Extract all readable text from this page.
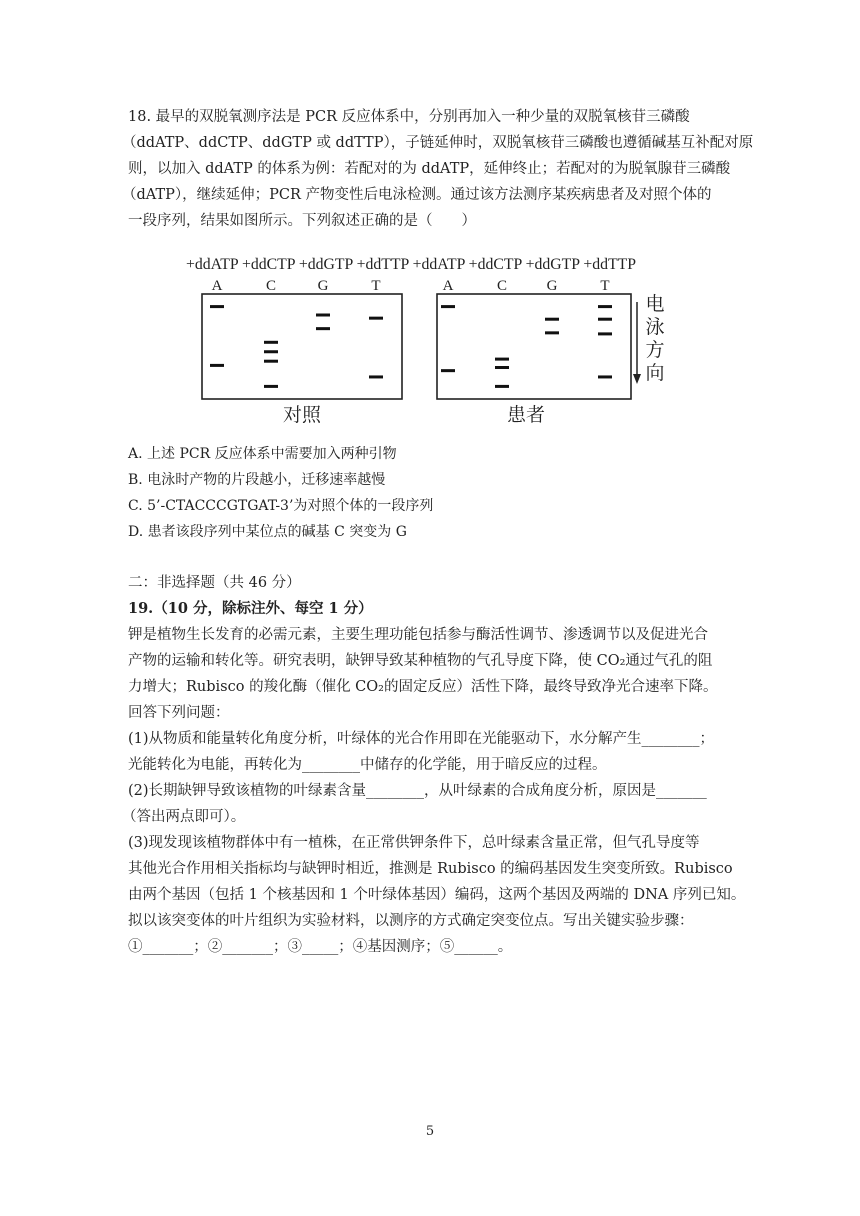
18. 最早的双脱氧测序法是 PCR 反应体系中，分别再加入一种少量的双脱氧核苷三磷酸
（ddATP、ddCTP、ddGTP 或 ddTTP），子链延伸时，双脱氧核苷三磷酸也遵循碱基互补配对原
则，以加入 ddATP 的体系为例：若配对的为 ddATP，延伸终止；若配对的为脱氧腺苷三磷酸
（dATP），继续延伸；PCR 产物变性后电泳检测。通过该方法测序某疾病患者及对照个体的
一段序列，结果如图所示。下列叙述正确的是（　　）
+ddATP +ddCTP +ddGTP +ddTTP +ddATP +ddCTP +ddGTP +ddTTP
A	C	G	T	A	C	G	T
对照	患者
电
泳
方
向
A. 上述 PCR 反应体系中需要加入两种引物
B. 电泳时产物的片段越小，迁移速率越慢
C. 5’-CTACCCGTGAT-3’为对照个体的一段序列
D. 患者该段序列中某位点的碱基 C 突变为 G
二：非选择题（共 46 分）
19.（10 分，除标注外、每空 1 分）
钾是植物生长发育的必需元素，主要生理功能包括参与酶活性调节、渗透调节以及促进光合
产物的运输和转化等。研究表明，缺钾导致某种植物的气孔导度下降，使 CO₂通过气孔的阻
力增大；Rubisco 的羧化酶（催化 CO₂的固定反应）活性下降，最终导致净光合速率下降。
回答下列问题：
(1)从物质和能量转化角度分析，叶绿体的光合作用即在光能驱动下，水分解产生________；
光能转化为电能，再转化为________中储存的化学能，用于暗反应的过程。
(2)长期缺钾导致该植物的叶绿素含量________，从叶绿素的合成角度分析，原因是_______
（答出两点即可）。
(3)现发现该植物群体中有一植株，在正常供钾条件下，总叶绿素含量正常，但气孔导度等
其他光合作用相关指标均与缺钾时相近，推测是 Rubisco 的编码基因发生突变所致。Rubisco
由两个基因（包括 1 个核基因和 1 个叶绿体基因）编码，这两个基因及两端的 DNA 序列已知。
拟以该突变体的叶片组织为实验材料，以测序的方式确定突变位点。写出关键实验步骤：
①_______；②_______；③_____；④基因测序；⑤______。
5
